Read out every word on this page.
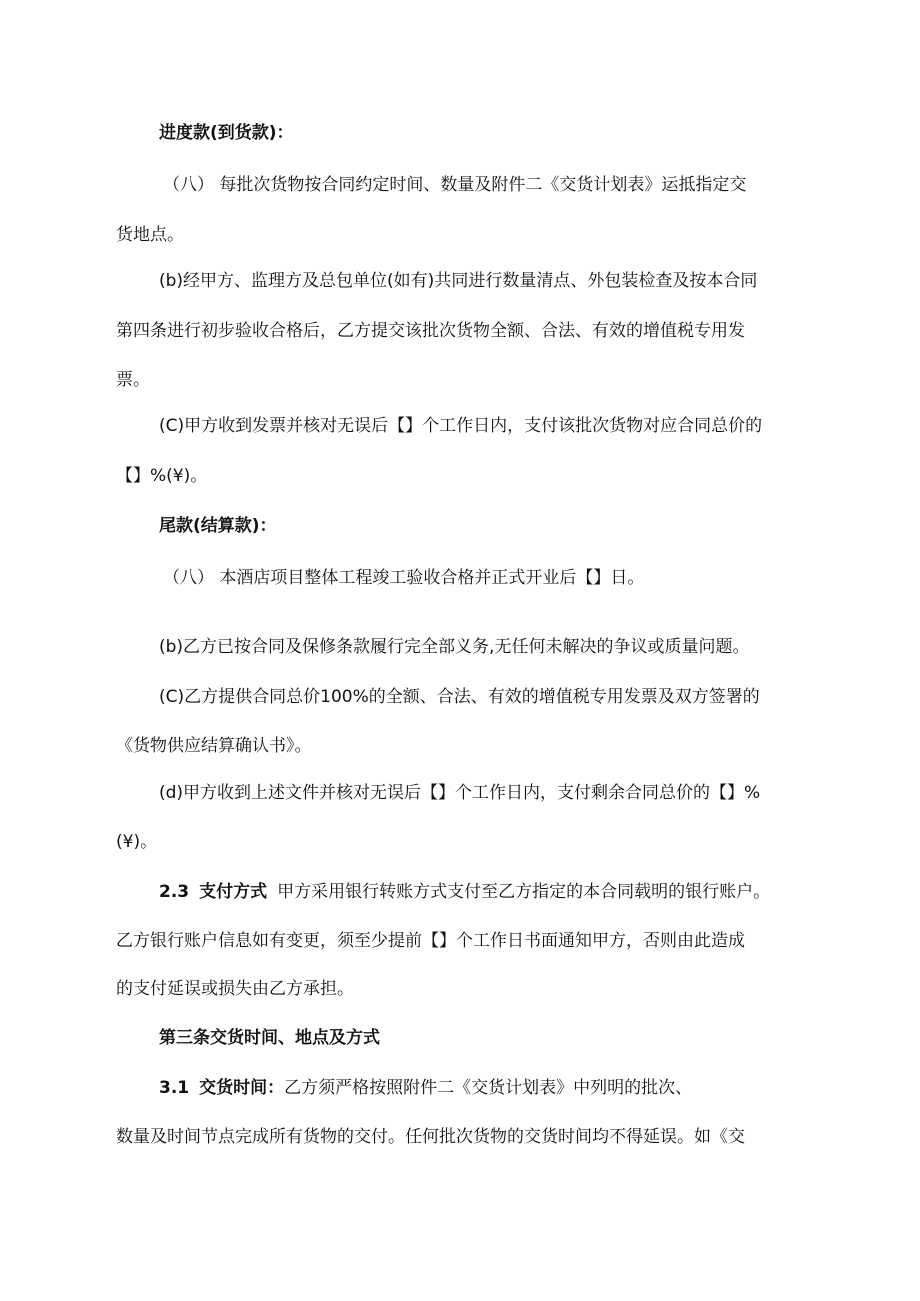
进度款(到货款)：
（八） 每批次货物按合同约定时间、数量及附件二《交货计划表》运抵指定交
货地点。
(b)经甲方、监理方及总包单位(如有)共同进行数量清点、外包装检查及按本合同
第四条进行初步验收合格后，乙方提交该批次货物全额、合法、有效的增值税专用发
票。
(C)甲方收到发票并核对无误后【】个工作日内，支付该批次货物对应合同总价的
【】%(¥)。
尾款(结算款)：
（八） 本酒店项目整体工程竣工验收合格并正式开业后【】日。
(b)乙方已按合同及保修条款履行完全部义务,无任何未解决的争议或质量问题。
(C)乙方提供合同总价100%的全额、合法、有效的增值税专用发票及双方签署的
《货物供应结算确认书》。
(d)甲方收到上述文件并核对无误后【】个工作日内，支付剩余合同总价的【】%
(¥)。
2.3 支付方式 甲方采用银行转账方式支付至乙方指定的本合同载明的银行账户。
乙方银行账户信息如有变更，须至少提前【】个工作日书面通知甲方，否则由此造成
的支付延误或损失由乙方承担。
第三条交货时间、地点及方式
3.1 交货时间：乙方须严格按照附件二《交货计划表》中列明的批次、
数量及时间节点完成所有货物的交付。任何批次货物的交货时间均不得延误。如《交
